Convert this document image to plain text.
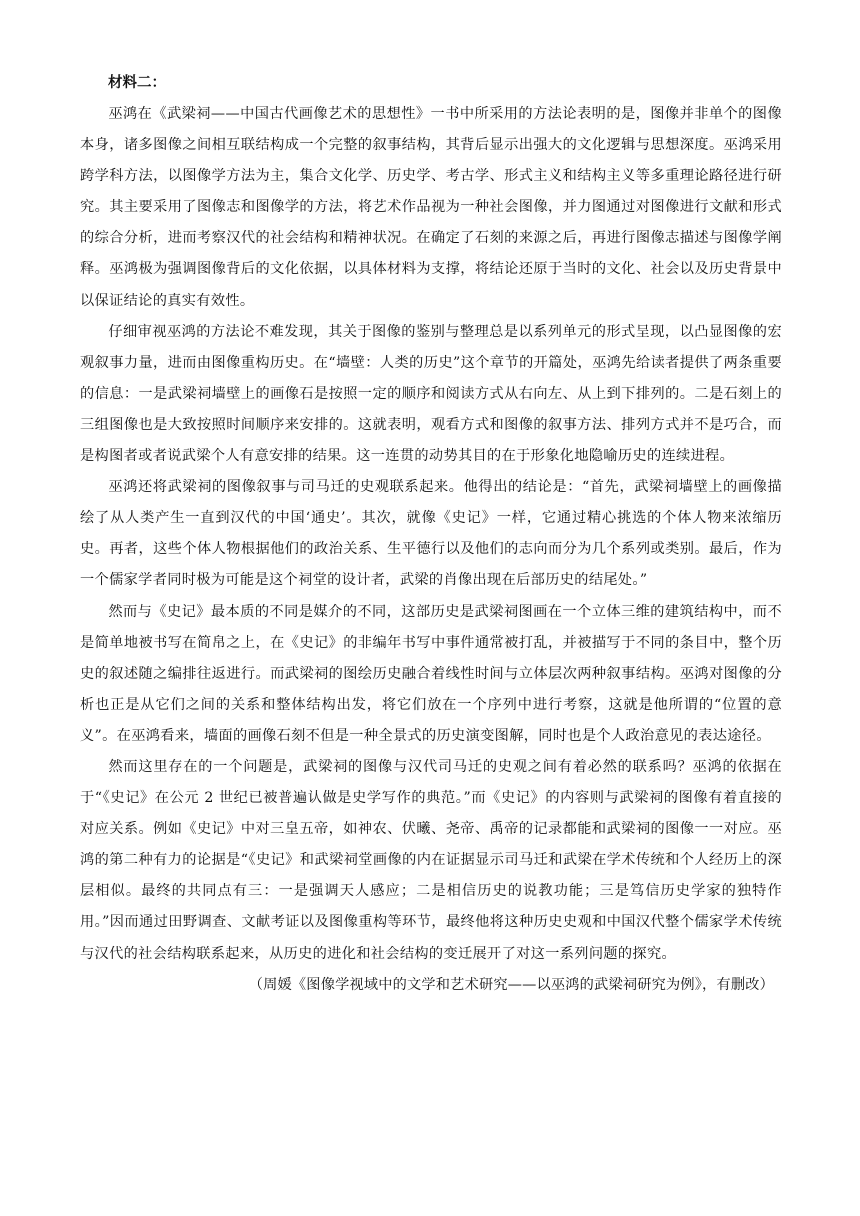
材料二：

巫鸿在《武梁祠——中国古代画像艺术的思想性》一书中所采用的方法论表明的是，图像并非单个的图像本身，诸多图像之间相互联结构成一个完整的叙事结构，其背后显示出强大的文化逻辑与思想深度。巫鸿采用跨学科方法，以图像学方法为主，集合文化学、历史学、考古学、形式主义和结构主义等多重理论路径进行研究。其主要采用了图像志和图像学的方法，将艺术作品视为一种社会图像，并力图通过对图像进行文献和形式的综合分析，进而考察汉代的社会结构和精神状况。在确定了石刻的来源之后，再进行图像志描述与图像学阐释。巫鸿极为强调图像背后的文化依据，以具体材料为支撑，将结论还原于当时的文化、社会以及历史背景中以保证结论的真实有效性。

仔细审视巫鸿的方法论不难发现，其关于图像的鉴别与整理总是以系列单元的形式呈现，以凸显图像的宏观叙事力量，进而由图像重构历史。在“墙壁：人类的历史”这个章节的开篇处，巫鸿先给读者提供了两条重要的信息：一是武梁祠墙壁上的画像石是按照一定的顺序和阅读方式从右向左、从上到下排列的。二是石刻上的三组图像也是大致按照时间顺序来安排的。这就表明，观看方式和图像的叙事方法、排列方式并不是巧合，而是构图者或者说武梁个人有意安排的结果。这一连贯的动势其目的在于形象化地隐喻历史的连续进程。

巫鸿还将武梁祠的图像叙事与司马迁的史观联系起来。他得出的结论是：“首先，武梁祠墙壁上的画像描绘了从人类产生一直到汉代的中国‘通史’。其次，就像《史记》一样，它通过精心挑选的个体人物来浓缩历史。再者，这些个体人物根据他们的政治关系、生平德行以及他们的志向而分为几个系列或类别。最后，作为一个儒家学者同时极为可能是这个祠堂的设计者，武梁的肖像出现在后部历史的结尾处。”

然而与《史记》最本质的不同是媒介的不同，这部历史是武梁祠图画在一个立体三维的建筑结构中，而不是简单地被书写在简帛之上，在《史记》的非编年书写中事件通常被打乱，并被描写于不同的条目中，整个历史的叙述随之编排往返进行。而武梁祠的图绘历史融合着线性时间与立体层次两种叙事结构。巫鸿对图像的分析也正是从它们之间的关系和整体结构出发，将它们放在一个序列中进行考察，这就是他所谓的“位置的意义”。在巫鸿看来，墙面的画像石刻不但是一种全景式的历史演变图解，同时也是个人政治意见的表达途径。

然而这里存在的一个问题是，武梁祠的图像与汉代司马迁的史观之间有着必然的联系吗？巫鸿的依据在于“《史记》在公元 2 世纪已被普遍认做是史学写作的典范。”而《史记》的内容则与武梁祠的图像有着直接的对应关系。例如《史记》中对三皇五帝，如神农、伏曦、尧帝、禹帝的记录都能和武梁祠的图像一一对应。巫鸿的第二种有力的论据是“《史记》和武梁祠堂画像的内在证据显示司马迁和武梁在学术传统和个人经历上的深层相似。最终的共同点有三：一是强调天人感应；二是相信历史的说教功能；三是笃信历史学家的独特作用。”因而通过田野调查、文献考证以及图像重构等环节，最终他将这种历史史观和中国汉代整个儒家学术传统与汉代的社会结构联系起来，从历史的进化和社会结构的变迁展开了对这一系列问题的探究。

（周媛《图像学视域中的文学和艺术研究——以巫鸿的武梁祠研究为例》，有删改）
